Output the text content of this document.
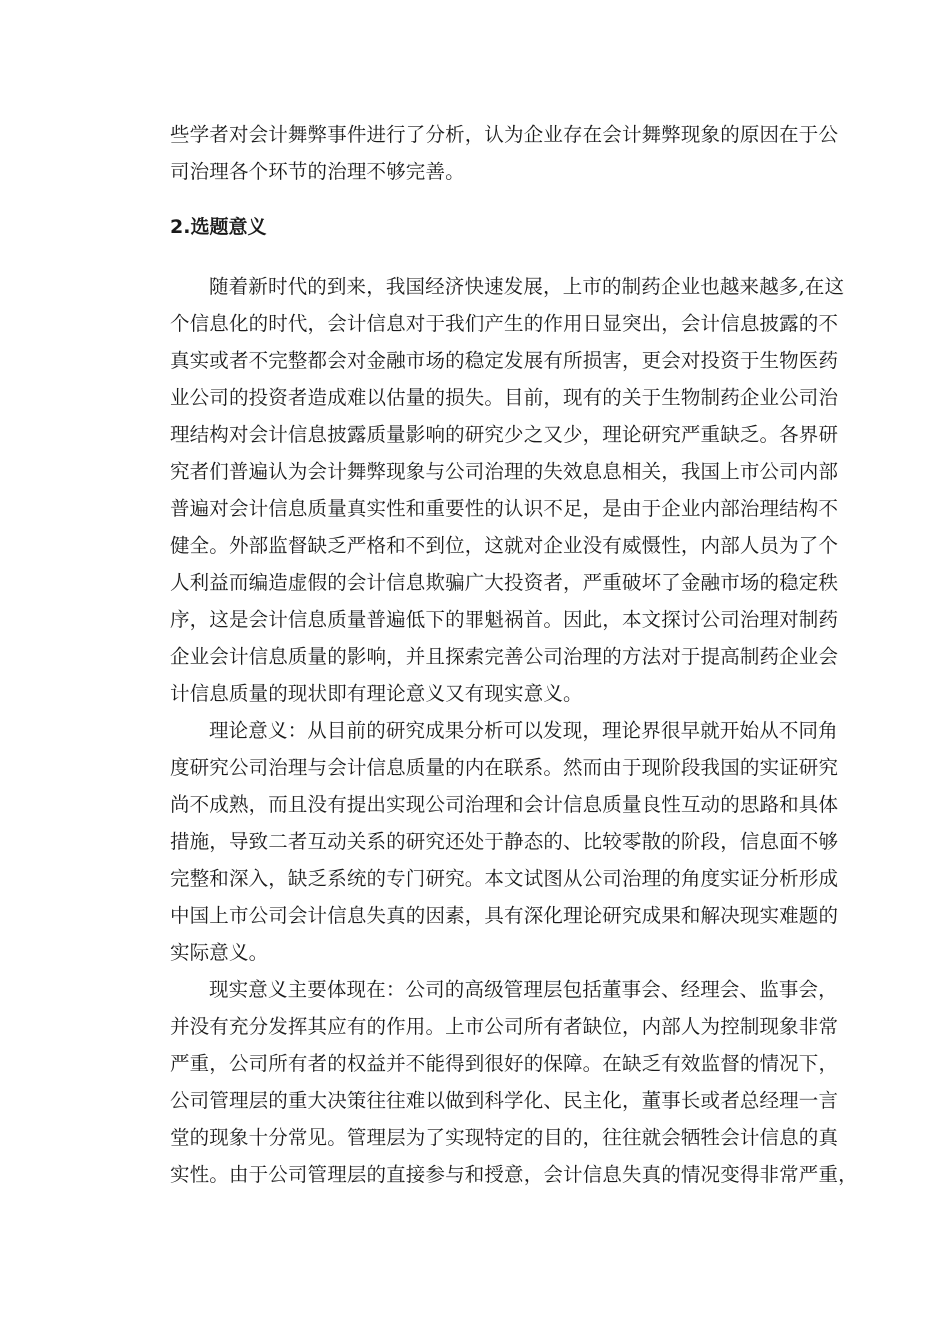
些学者对会计舞弊事件进行了分析，认为企业存在会计舞弊现象的原因在于公
司治理各个环节的治理不够完善。
2.选题意义
随着新时代的到来，我国经济快速发展，上市的制药企业也越来越多,在这
个信息化的时代，会计信息对于我们产生的作用日显突出，会计信息披露的不
真实或者不完整都会对金融市场的稳定发展有所损害，更会对投资于生物医药
业公司的投资者造成难以估量的损失。目前，现有的关于生物制药企业公司治
理结构对会计信息披露质量影响的研究少之又少，理论研究严重缺乏。各界研
究者们普遍认为会计舞弊现象与公司治理的失效息息相关，我国上市公司内部
普遍对会计信息质量真实性和重要性的认识不足，是由于企业内部治理结构不
健全。外部监督缺乏严格和不到位，这就对企业没有威慑性，内部人员为了个
人利益而编造虚假的会计信息欺骗广大投资者，严重破坏了金融市场的稳定秩
序，这是会计信息质量普遍低下的罪魁祸首。因此，本文探讨公司治理对制药
企业会计信息质量的影响，并且探索完善公司治理的方法对于提高制药企业会
计信息质量的现状即有理论意义又有现实意义。
理论意义：从目前的研究成果分析可以发现，理论界很早就开始从不同角
度研究公司治理与会计信息质量的内在联系。然而由于现阶段我国的实证研究
尚不成熟，而且没有提出实现公司治理和会计信息质量良性互动的思路和具体
措施，导致二者互动关系的研究还处于静态的、比较零散的阶段，信息面不够
完整和深入，缺乏系统的专门研究。本文试图从公司治理的角度实证分析形成
中国上市公司会计信息失真的因素，具有深化理论研究成果和解决现实难题的
实际意义。
现实意义主要体现在：公司的高级管理层包括董事会、经理会、监事会，
并没有充分发挥其应有的作用。上市公司所有者缺位，内部人为控制现象非常
严重，公司所有者的权益并不能得到很好的保障。在缺乏有效监督的情况下，
公司管理层的重大决策往往难以做到科学化、民主化，董事长或者总经理一言
堂的现象十分常见。管理层为了实现特定的目的，往往就会牺牲会计信息的真
实性。由于公司管理层的直接参与和授意，会计信息失真的情况变得非常严重，
